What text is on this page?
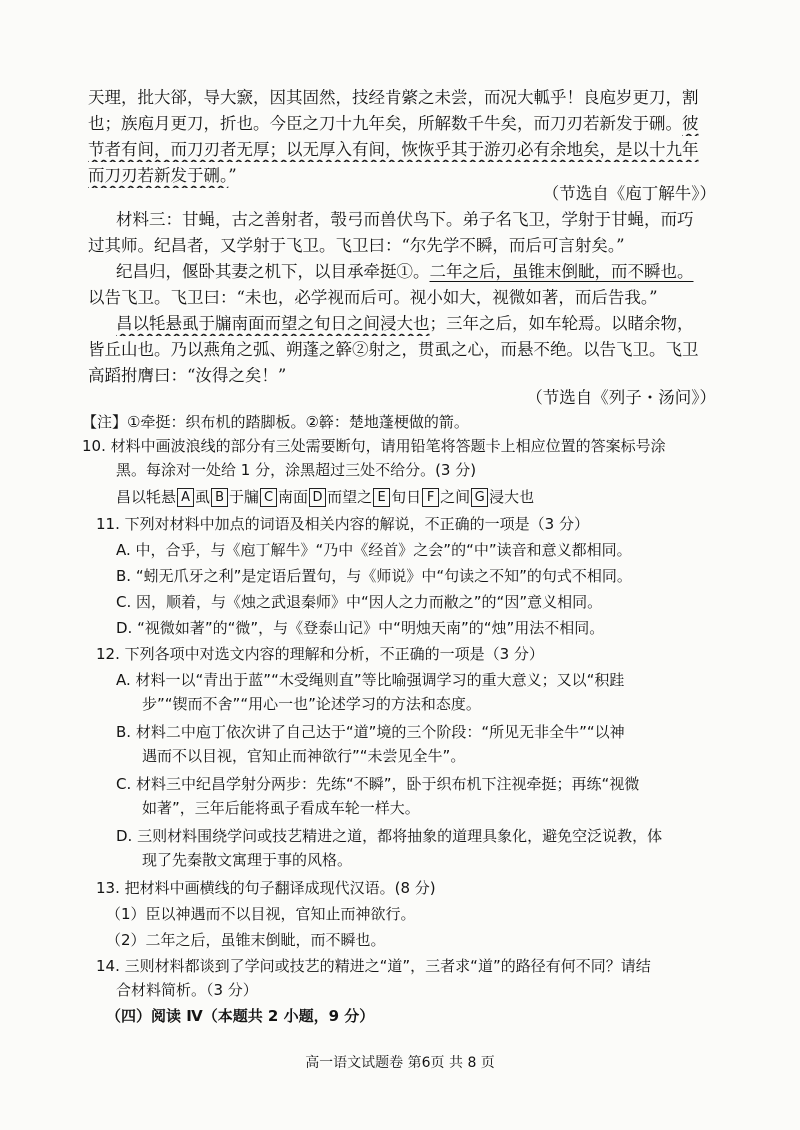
天理，批大郤，导大窾，因其固然，技经肯綮之未尝，而况大軱乎！良庖岁更刀，割
也；族庖月更刀，折也。今臣之刀十九年矣，所解数千牛矣，而刀刃若新发于硎。彼
节者有间，而刀刃者无厚；以无厚入有间，恢恢乎其于游刃必有余地矣，是以十九年
而刀刃若新发于硎。”
（节选自《庖丁解牛》）
材料三：甘蝇，古之善射者，彀弓而兽伏鸟下。弟子名飞卫，学射于甘蝇，而巧
过其师。纪昌者，又学射于飞卫。飞卫曰：“尔先学不瞬，而后可言射矣。”
纪昌归，偃卧其妻之机下，以目承牵挺①。二年之后，虽锥末倒眦，而不瞬也。
以告飞卫。飞卫曰：“未也，必学视而后可。视小如大，视微如著，而后告我。”
昌以牦悬虱于牖南面而望之旬日之间浸大也；三年之后，如车轮焉。以睹余物，
皆丘山也。乃以燕角之弧、朔蓬之簳②射之，贯虱之心，而悬不绝。以告飞卫。飞卫
高蹈拊膺曰：“汝得之矣！”
（节选自《列子・汤问》）
【注】①牵挺：织布机的踏脚板。②簳：楚地蓬梗做的箭。
10. 材料中画波浪线的部分有三处需要断句，请用铅笔将答题卡上相应位置的答案标号涂
黑。每涂对一处给 1 分，涂黑超过三处不给分。(3 分)
昌以牦悬 A 虱 B 于牖 C 南面 D 而望之 E 旬日 F 之间 G 浸大也
11. 下列对材料中加点的词语及相关内容的解说，不正确的一项是（3 分）
A. 中，合乎，与《庖丁解牛》“乃中《经首》之会”的“中”读音和意义都相同。
B. “蚓无爪牙之利”是定语后置句，与《师说》中“句读之不知”的句式不相同。
C. 因，顺着，与《烛之武退秦师》中“因人之力而敝之”的“因”意义相同。
D. “视微如著”的“微”，与《登泰山记》中“明烛天南”的“烛”用法不相同。
12. 下列各项中对选文内容的理解和分析，不正确的一项是（3 分）
A. 材料一以“青出于蓝”“木受绳则直”等比喻强调学习的重大意义；又以“积跬
步”“锲而不舍”“用心一也”论述学习的方法和态度。
B. 材料二中庖丁依次讲了自己达于“道”境的三个阶段：“所见无非全牛”“以神
遇而不以目视，官知止而神欲行”“未尝见全牛”。
C. 材料三中纪昌学射分两步：先练“不瞬”，卧于织布机下注视牵挺；再练“视微
如著”，三年后能将虱子看成车轮一样大。
D. 三则材料围绕学问或技艺精进之道，都将抽象的道理具象化，避免空泛说教，体
现了先秦散文寓理于事的风格。
13. 把材料中画横线的句子翻译成现代汉语。(8 分)
（1）臣以神遇而不以目视，官知止而神欲行。
（2）二年之后，虽锥末倒眦，而不瞬也。
14. 三则材料都谈到了学问或技艺的精进之“道”，三者求“道”的路径有何不同？请结
合材料简析。（3 分）
（四）阅读 Ⅳ（本题共 2 小题，9 分）
高一语文试题卷 第6页 共 8 页
